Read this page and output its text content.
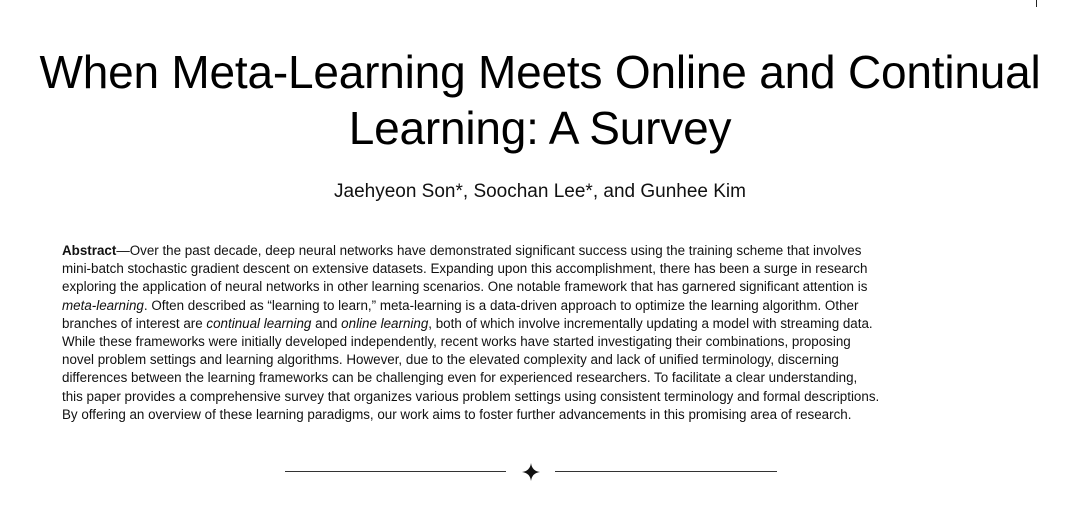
When Meta-Learning Meets Online and Continual
Learning: A Survey
Jaehyeon Son*, Soochan Lee*, and Gunhee Kim
Abstract—Over the past decade, deep neural networks have demonstrated significant success using the training scheme that involves
mini-batch stochastic gradient descent on extensive datasets. Expanding upon this accomplishment, there has been a surge in research
exploring the application of neural networks in other learning scenarios. One notable framework that has garnered significant attention is
meta-learning. Often described as “learning to learn,” meta-learning is a data-driven approach to optimize the learning algorithm. Other
branches of interest are continual learning and online learning, both of which involve incrementally updating a model with streaming data.
While these frameworks were initially developed independently, recent works have started investigating their combinations, proposing
novel problem settings and learning algorithms. However, due to the elevated complexity and lack of unified terminology, discerning
differences between the learning frameworks can be challenging even for experienced researchers. To facilitate a clear understanding,
this paper provides a comprehensive survey that organizes various problem settings using consistent terminology and formal descriptions.
By offering an overview of these learning paradigms, our work aims to foster further advancements in this promising area of research.
